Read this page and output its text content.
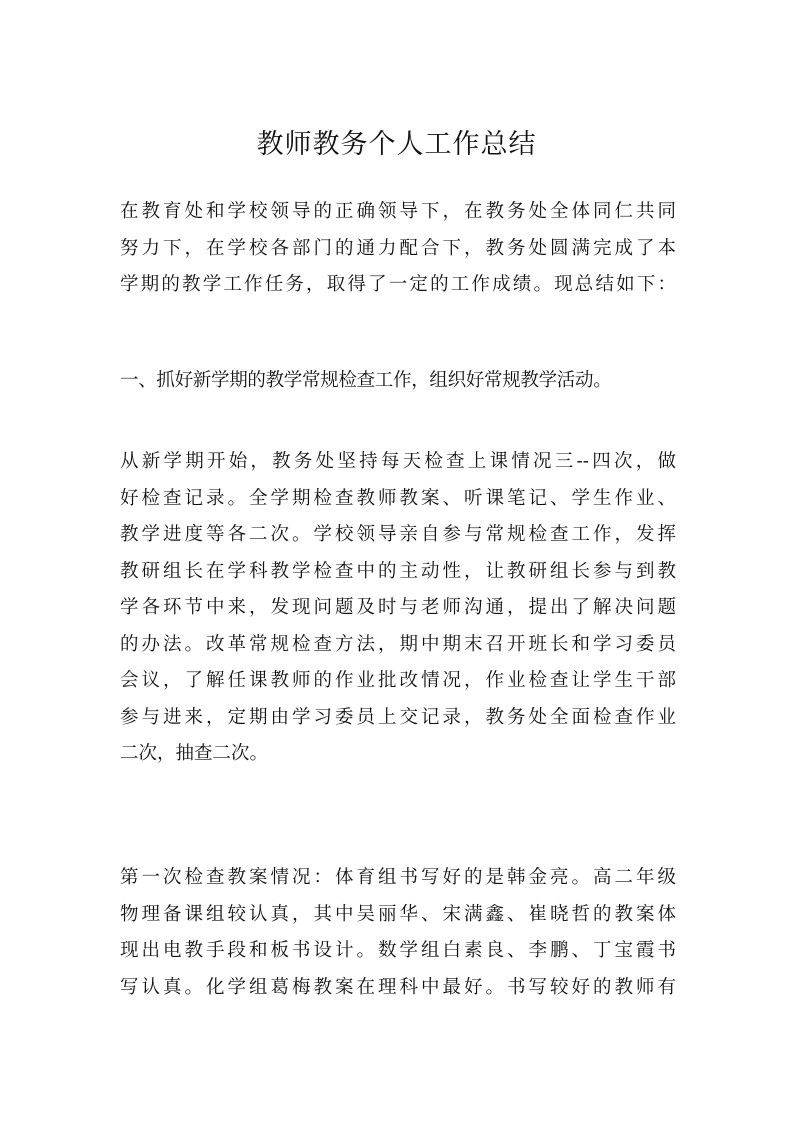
教师教务个人工作总结
在教育处和学校领导的正确领导下，在教务处全体同仁共同
努力下，在学校各部门的通力配合下，教务处圆满完成了本
学期的教学工作任务，取得了一定的工作成绩。现总结如下：
一、抓好新学期的教学常规检查工作，组织好常规教学活动。
从新学期开始，教务处坚持每天检查上课情况三--四次，做
好检查记录。全学期检查教师教案、听课笔记、学生作业、
教学进度等各二次。学校领导亲自参与常规检查工作，发挥
教研组长在学科教学检查中的主动性，让教研组长参与到教
学各环节中来，发现问题及时与老师沟通，提出了解决问题
的办法。改革常规检查方法，期中期末召开班长和学习委员
会议，了解任课教师的作业批改情况，作业检查让学生干部
参与进来，定期由学习委员上交记录，教务处全面检查作业
二次，抽查二次。
第一次检查教案情况：体育组书写好的是韩金亮。高二年级
物理备课组较认真，其中吴丽华、宋满鑫、崔晓哲的教案体
现出电教手段和板书设计。数学组白素良、李鹏、丁宝霞书
写认真。化学组葛梅教案在理科中最好。书写较好的教师有
